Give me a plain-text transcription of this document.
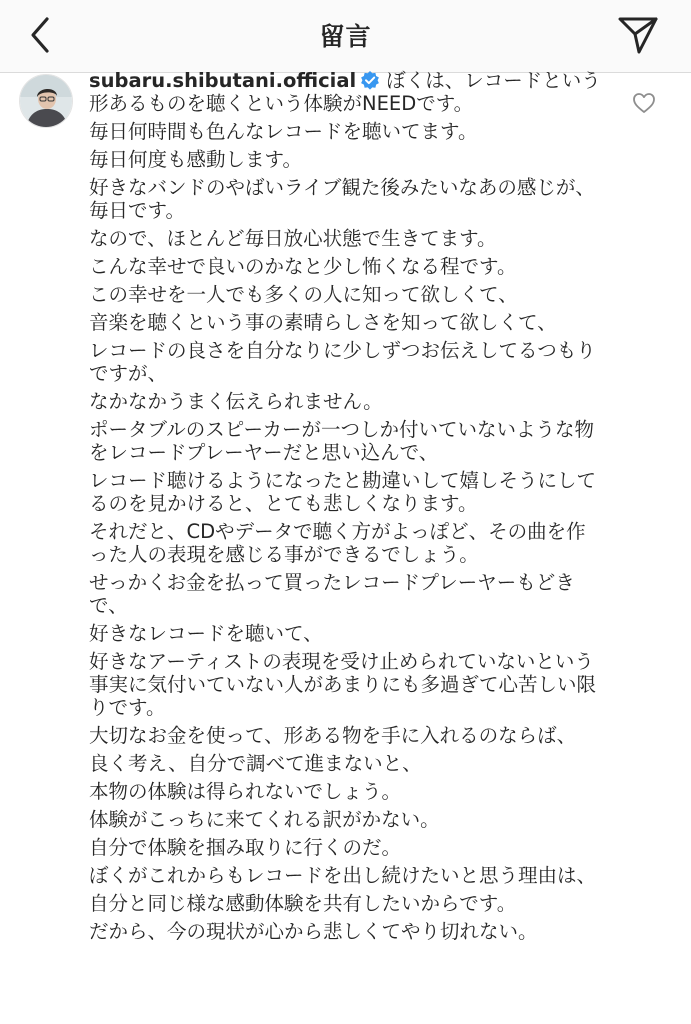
留言

subaru.shibutani.official ぼくは、レコードという形あるものを聴くという体験がNEEDです。

毎日何時間も色んなレコードを聴いてます。

毎日何度も感動します。

好きなバンドのやばいライブ観た後みたいなあの感じが、毎日です。

なので、ほとんど毎日放心状態で生きてます。

こんな幸せで良いのかなと少し怖くなる程です。

この幸せを一人でも多くの人に知って欲しくて、

音楽を聴くという事の素晴らしさを知って欲しくて、

レコードの良さを自分なりに少しずつお伝えしてるつもりですが、

なかなかうまく伝えられません。

ポータブルのスピーカーが一つしか付いていないような物をレコードプレーヤーだと思い込んで、

レコード聴けるようになったと勘違いして嬉しそうにしてるのを見かけると、とても悲しくなります。

それだと、CDやデータで聴く方がよっぽど、その曲を作った人の表現を感じる事ができるでしょう。

せっかくお金を払って買ったレコードプレーヤーもどきで、

好きなレコードを聴いて、

好きなアーティストの表現を受け止められていないという事実に気付いていない人があまりにも多過ぎて心苦しい限りです。

大切なお金を使って、形ある物を手に入れるのならば、

良く考え、自分で調べて進まないと、

本物の体験は得られないでしょう。

体験がこっちに来てくれる訳がかない。

自分で体験を掴み取りに行くのだ。

ぼくがこれからもレコードを出し続けたいと思う理由は、

自分と同じ様な感動体験を共有したいからです。

だから、今の現状が心から悲しくてやり切れない。
